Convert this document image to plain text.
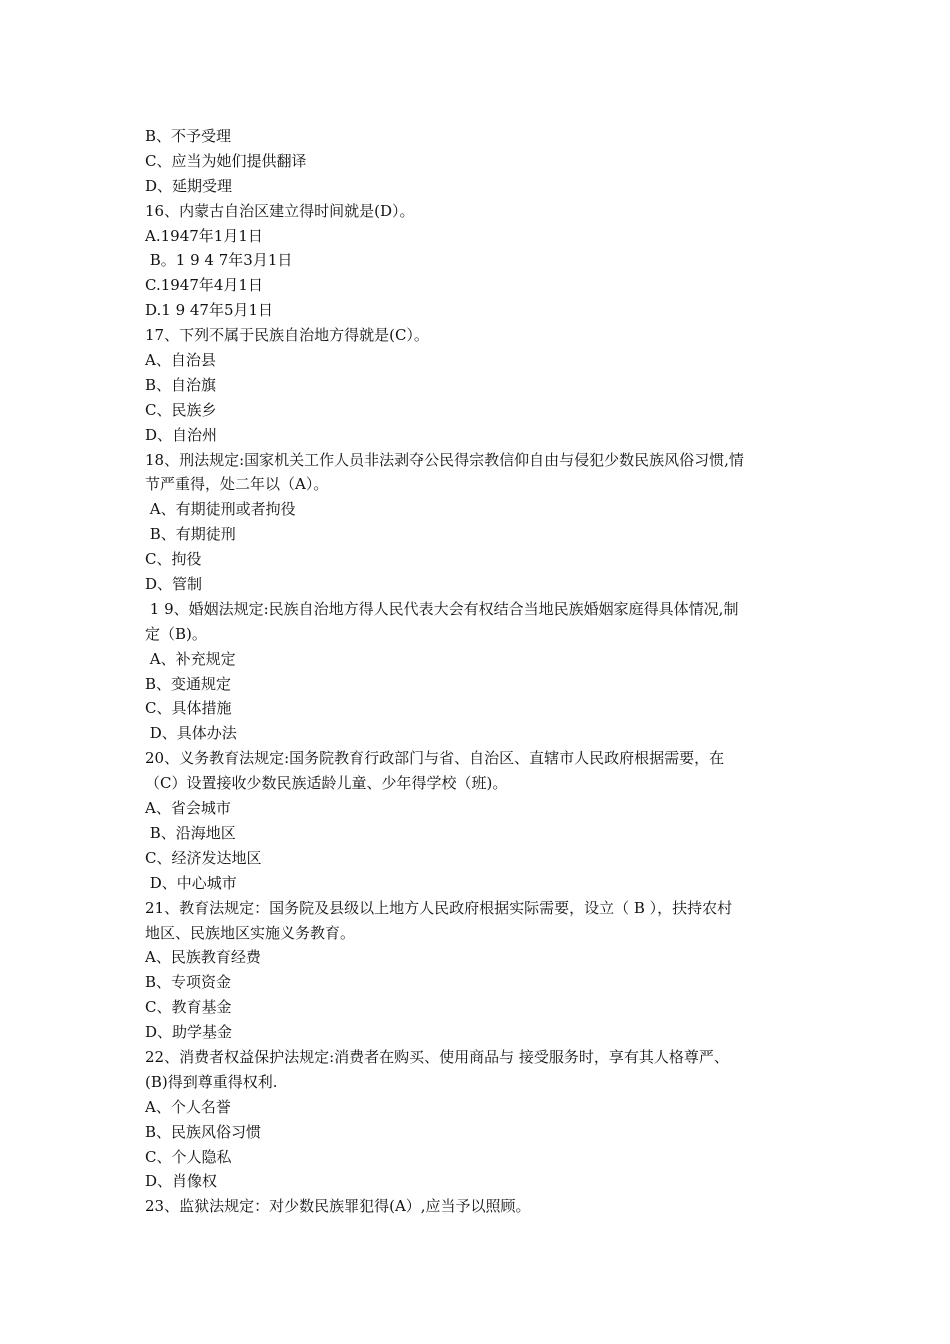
B、不予受理
C、应当为她们提供翻译
D、延期受理
16、内蒙古自治区建立得时间就是(D）。
A.1947年1月1日
B。1 9 4 7年3月1日
C.1947年4月1日
D.1 9 47年5月1日
17、下列不属于民族自治地方得就是(C）。
A、自治县
B、自治旗
C、民族乡
D、自治州
18、刑法规定:国家机关工作人员非法剥夺公民得宗教信仰自由与侵犯少数民族风俗习惯,情
节严重得，处二年以（A）。
A、有期徒刑或者拘役
B、有期徒刑
C、拘役
D、管制
1 9、婚姻法规定:民族自治地方得人民代表大会有权结合当地民族婚姻家庭得具体情况,制
定（B)。
A、补充规定
B、变通规定
C、具体措施
D、具体办法
20、义务教育法规定:国务院教育行政部门与省、自治区、直辖市人民政府根据需要，在
（C）设置接收少数民族适龄儿童、少年得学校（班)。
A、省会城市
B、沿海地区
C、经济发达地区
D、中心城市
21、教育法规定：国务院及县级以上地方人民政府根据实际需要，设立（ B ），扶持农村
地区、民族地区实施义务教育。
A、民族教育经费
B、专项资金
C、教育基金
D、助学基金
22、消费者权益保护法规定:消费者在购买、使用商品与 接受服务时，享有其人格尊严、
(B)得到尊重得权利.
A、个人名誉
B、民族风俗习惯
C、个人隐私
D、肖像权
23、监狱法规定：对少数民族罪犯得(A）,应当予以照顾。
